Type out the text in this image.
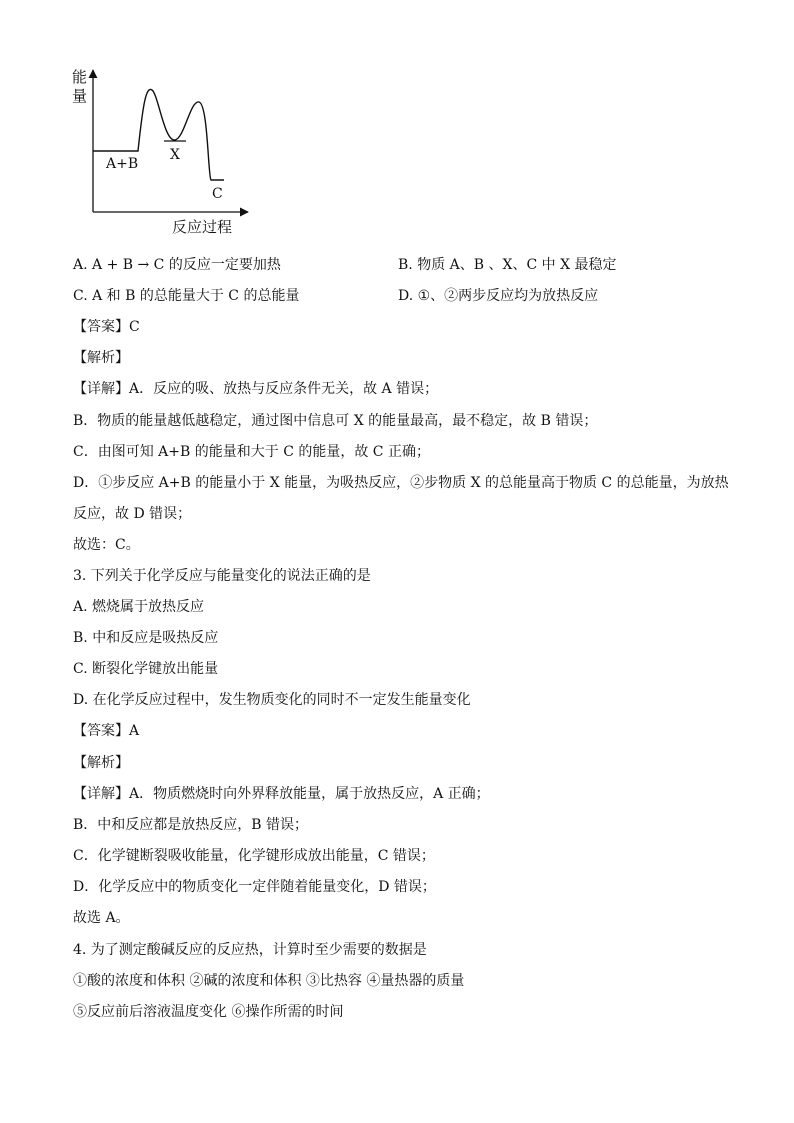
能
量
A+B
X
C
反应过程
A. A + B → C 的反应一定要加热	B. 物质 A、B 、X、C 中 X 最稳定
C. A 和 B 的总能量大于 C 的总能量	D. ①、②两步反应均为放热反应
【答案】C
【解析】
【详解】A．反应的吸、放热与反应条件无关，故 A 错误；
B．物质的能量越低越稳定，通过图中信息可 X 的能量最高，最不稳定，故 B 错误；
C．由图可知 A+B 的能量和大于 C 的能量，故 C 正确；
D．①步反应 A+B 的能量小于 X 能量，为吸热反应，②步物质 X 的总能量高于物质 C 的总能量，为放热
反应，故 D 错误；
故选：C。
3. 下列关于化学反应与能量变化的说法正确的是
A. 燃烧属于放热反应
B. 中和反应是吸热反应
C. 断裂化学键放出能量
D. 在化学反应过程中，发生物质变化的同时不一定发生能量变化
【答案】A
【解析】
【详解】A．物质燃烧时向外界释放能量，属于放热反应，A 正确；
B．中和反应都是放热反应，B 错误；
C．化学键断裂吸收能量，化学键形成放出能量，C 错误；
D．化学反应中的物质变化一定伴随着能量变化，D 错误；
故选 A。
4. 为了测定酸碱反应的反应热，计算时至少需要的数据是
①酸的浓度和体积 ②碱的浓度和体积 ③比热容 ④量热器的质量
⑤反应前后溶液温度变化 ⑥操作所需的时间
